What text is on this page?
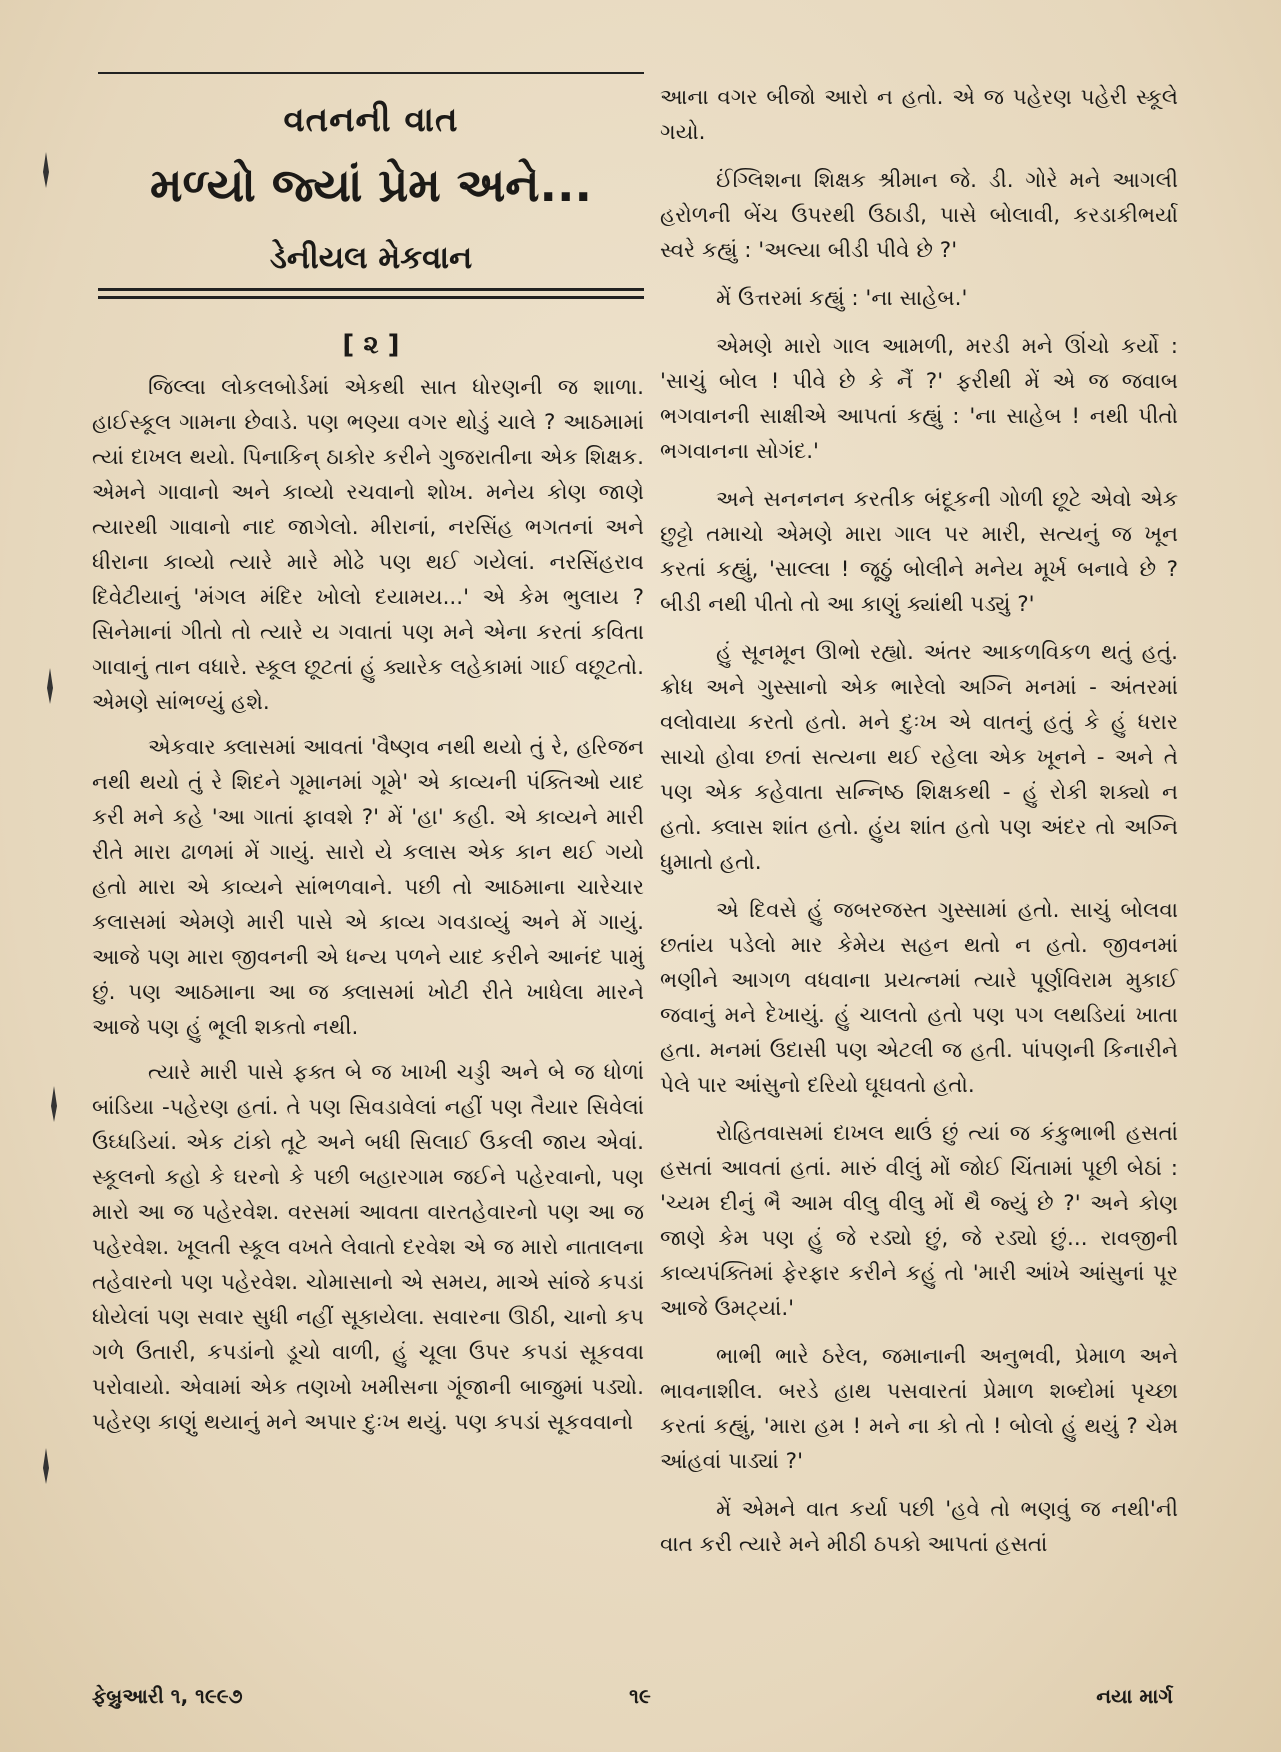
વતનની વાત
મળ્યો જ્યાં પ્રેમ અને...
ડેનીયલ મેકવાન
[ ૨ ]

જિલ્લા લોકલબોર્ડમાં એકથી સાત ધોરણની જ શાળા. હાઈસ્કૂલ ગામના છેવાડે. પણ ભણ્યા વગર થોડું ચાલે ? આઠમામાં ત્યાં દાખલ થયો. પિનાકિન્ ઠાકોર કરીને ગુજરાતીના એક શિક્ષક. એમને ગાવાનો અને કાવ્યો રચવાનો શોખ. મનેય કોણ જાણે ત્યારથી ગાવાનો નાદ જાગેલો. મીરાનાં, નરસિંહ ભગતનાં અને ધીરાના કાવ્યો ત્યારે મારે મોઢે પણ થઈ ગયેલાં. નરસિંહરાવ દિવેટીયાનું 'મંગલ મંદિર ખોલો દયામય...' એ કેમ ભુલાય ? સિનેમાનાં ગીતો તો ત્યારે ય ગવાતાં પણ મને એના કરતાં કવિતા ગાવાનું તાન વધારે. સ્કૂલ છૂટતાં હું ક્યારેક લહેકામાં ગાઈ વછૂટતો. એમણે સાંભળ્યું હશે.

એકવાર ક્લાસમાં આવતાં 'વૈષ્ણવ નથી થયો તું રે, હરિજન નથી થયો તું રે શિદને ગૂમાનમાં ગૂમે' એ કાવ્યની પંક્તિઓ યાદ કરી મને કહે 'આ ગાતાં ફાવશે ?' મેં 'હા' કહી. એ કાવ્યને મારી રીતે મારા ઢાળમાં મેં ગાયું. સારો યે કલાસ એક કાન થઈ ગયો હતો મારા એ કાવ્યને સાંભળવાને. પછી તો આઠમાના ચારેચાર કલાસમાં એમણે મારી પાસે એ કાવ્ય ગવડાવ્યું અને મેં ગાયું. આજે પણ મારા જીવનની એ ધન્ય પળને યાદ કરીને આનંદ પામું છું. પણ આઠમાના આ જ ક્લાસમાં ખોટી રીતે ખાધેલા મારને આજે પણ હું ભૂલી શકતો નથી.

ત્યારે મારી પાસે ફક્ત બે જ ખાખી ચડ્ડી અને બે જ ધોળાં બાંડિયા -પહેરણ હતાં. તે પણ સિવડાવેલાં નહીં પણ તૈયાર સિવેલાં ઉઘ્ધડિયાં. એક ટાંકો તૂટે અને બધી સિલાઈ ઉકલી જાય એવાં. સ્કૂલનો કહો કે ઘરનો કે પછી બહારગામ જઈને પહેરવાનો, પણ મારો આ જ પહેરવેશ. વરસમાં આવતા વારતહેવારનો પણ આ જ પહેરવેશ. ખૂલતી સ્કૂલ વખતે લેવાતો દરવેશ એ જ મારો નાતાલના તહેવારનો પણ પહેરવેશ. ચોમાસાનો એ સમય, માએ સાંજે કપડાં ધોયેલાં પણ સવાર સુધી નહીં સૂકાયેલા. સવારના ઊઠી, ચાનો કપ ગળે ઉતારી, કપડાંનો ડૂચો વાળી, હું ચૂલા ઉપર કપડાં સૂકવવા પરોવાયો. એવામાં એક તણખો ખમીસના ગૂંજાની બાજુમાં પડ્યો. પહેરણ કાણું થયાનું મને અપાર દુઃખ થયું. પણ કપડાં સૂકવવાનો

આના વગર બીજો આરો ન હતો. એ જ પહેરણ પહેરી સ્કૂલે ગયો.

ઈંગ્લિશના શિક્ષક શ્રીમાન જે. ડી. ગોરે મને આગલી હરોળની બેંચ ઉપરથી ઉઠાડી, પાસે બોલાવી, કરડાકીભર્યા સ્વરે કહ્યું : 'અલ્યા બીડી પીવે છે ?'

મેં ઉત્તરમાં કહ્યું : 'ના સાહેબ.'

એમણે મારો ગાલ આમળી, મરડી મને ઊંચો કર્યો : 'સાચું બોલ ! પીવે છે કે નૈં ?' ફરીથી મેં એ જ જવાબ ભગવાનની સાક્ષીએ આપતાં કહ્યું : 'ના સાહેબ ! નથી પીતો ભગવાનના સોગંદ.'

અને સનનનન કરતીક બંદૂકની ગોળી છૂટે એવો એક છુટ્ટો તમાચો એમણે મારા ગાલ પર મારી, સત્યનું જ ખૂન કરતાં કહ્યું, 'સાલ્લા ! જૂઠું બોલીને મનેય મૂર્ખ બનાવે છે ? બીડી નથી પીતો તો આ કાણું ક્યાંથી પડ્યું ?'

હું સૂનમૂન ઊભો રહ્યો. અંતર આકળવિકળ થતું હતું. ક્રોધ અને ગુસ્સાનો એક ભારેલો અગ્નિ મનમાં - અંતરમાં વલોવાયા કરતો હતો. મને દુઃખ એ વાતનું હતું કે હું ધરાર સાચો હોવા છતાં સત્યના થઈ રહેલા એક ખૂનને - અને તે પણ એક કહેવાતા સન્નિષ્ઠ શિક્ષકથી - હું રોકી શક્યો ન હતો. ક્લાસ શાંત હતો. હુંય શાંત હતો પણ અંદર તો અગ્નિ ધુમાતો હતો.

એ દિવસે હું જબરજસ્ત ગુસ્સામાં હતો. સાચું બોલવા છતાંય પડેલો માર કેમેય સહન થતો ન હતો. જીવનમાં ભણીને આગળ વધવાના પ્રયત્નમાં ત્યારે પૂર્ણવિરામ મુકાઈ જવાનું મને દેખાયું. હું ચાલતો હતો પણ પગ લથડિયાં ખાતા હતા. મનમાં ઉદાસી પણ એટલી જ હતી. પાંપણની કિનારીને પેલે પાર આંસુનો દરિયો ઘૂઘવતો હતો.

રોહિતવાસમાં દાખલ થાઉં છું ત્યાં જ કંકુભાભી હસતાં હસતાં આવતાં હતાં. મારું વીલું મોં જોઈ ચિંતામાં પૂછી બેઠાં : 'ચ્યમ દીનું ભૈ આમ વીલુ વીલુ મોં થૈ જ્યું છે ?' અને કોણ જાણે કેમ પણ હું જે રડ્યો છું, જે રડ્યો છું... રાવજીની કાવ્યપંક્તિમાં ફેરફાર કરીને કહું તો 'મારી આંખે આંસુનાં પૂર આજે ઉમટ્યાં.'

ભાભી ભારે ઠરેલ, જમાનાની અનુભવી, પ્રેમાળ અને ભાવનાશીલ. બરડે હાથ પસવારતાં પ્રેમાળ શબ્દોમાં પૃચ્છા કરતાં કહ્યું, 'મારા હમ ! મને ના કો તો ! બોલો હું થયું ? ચેમ આંહવાં પાડ્યાં ?'

મેં એમને વાત કર્યા પછી 'હવે તો ભણવું જ નથી'ની વાત કરી ત્યારે મને મીઠી ઠપકો આપતાં હસતાં

ફેબ્રુઆરી ૧, ૧૯૯૭	૧૯	નયા માર્ગ
